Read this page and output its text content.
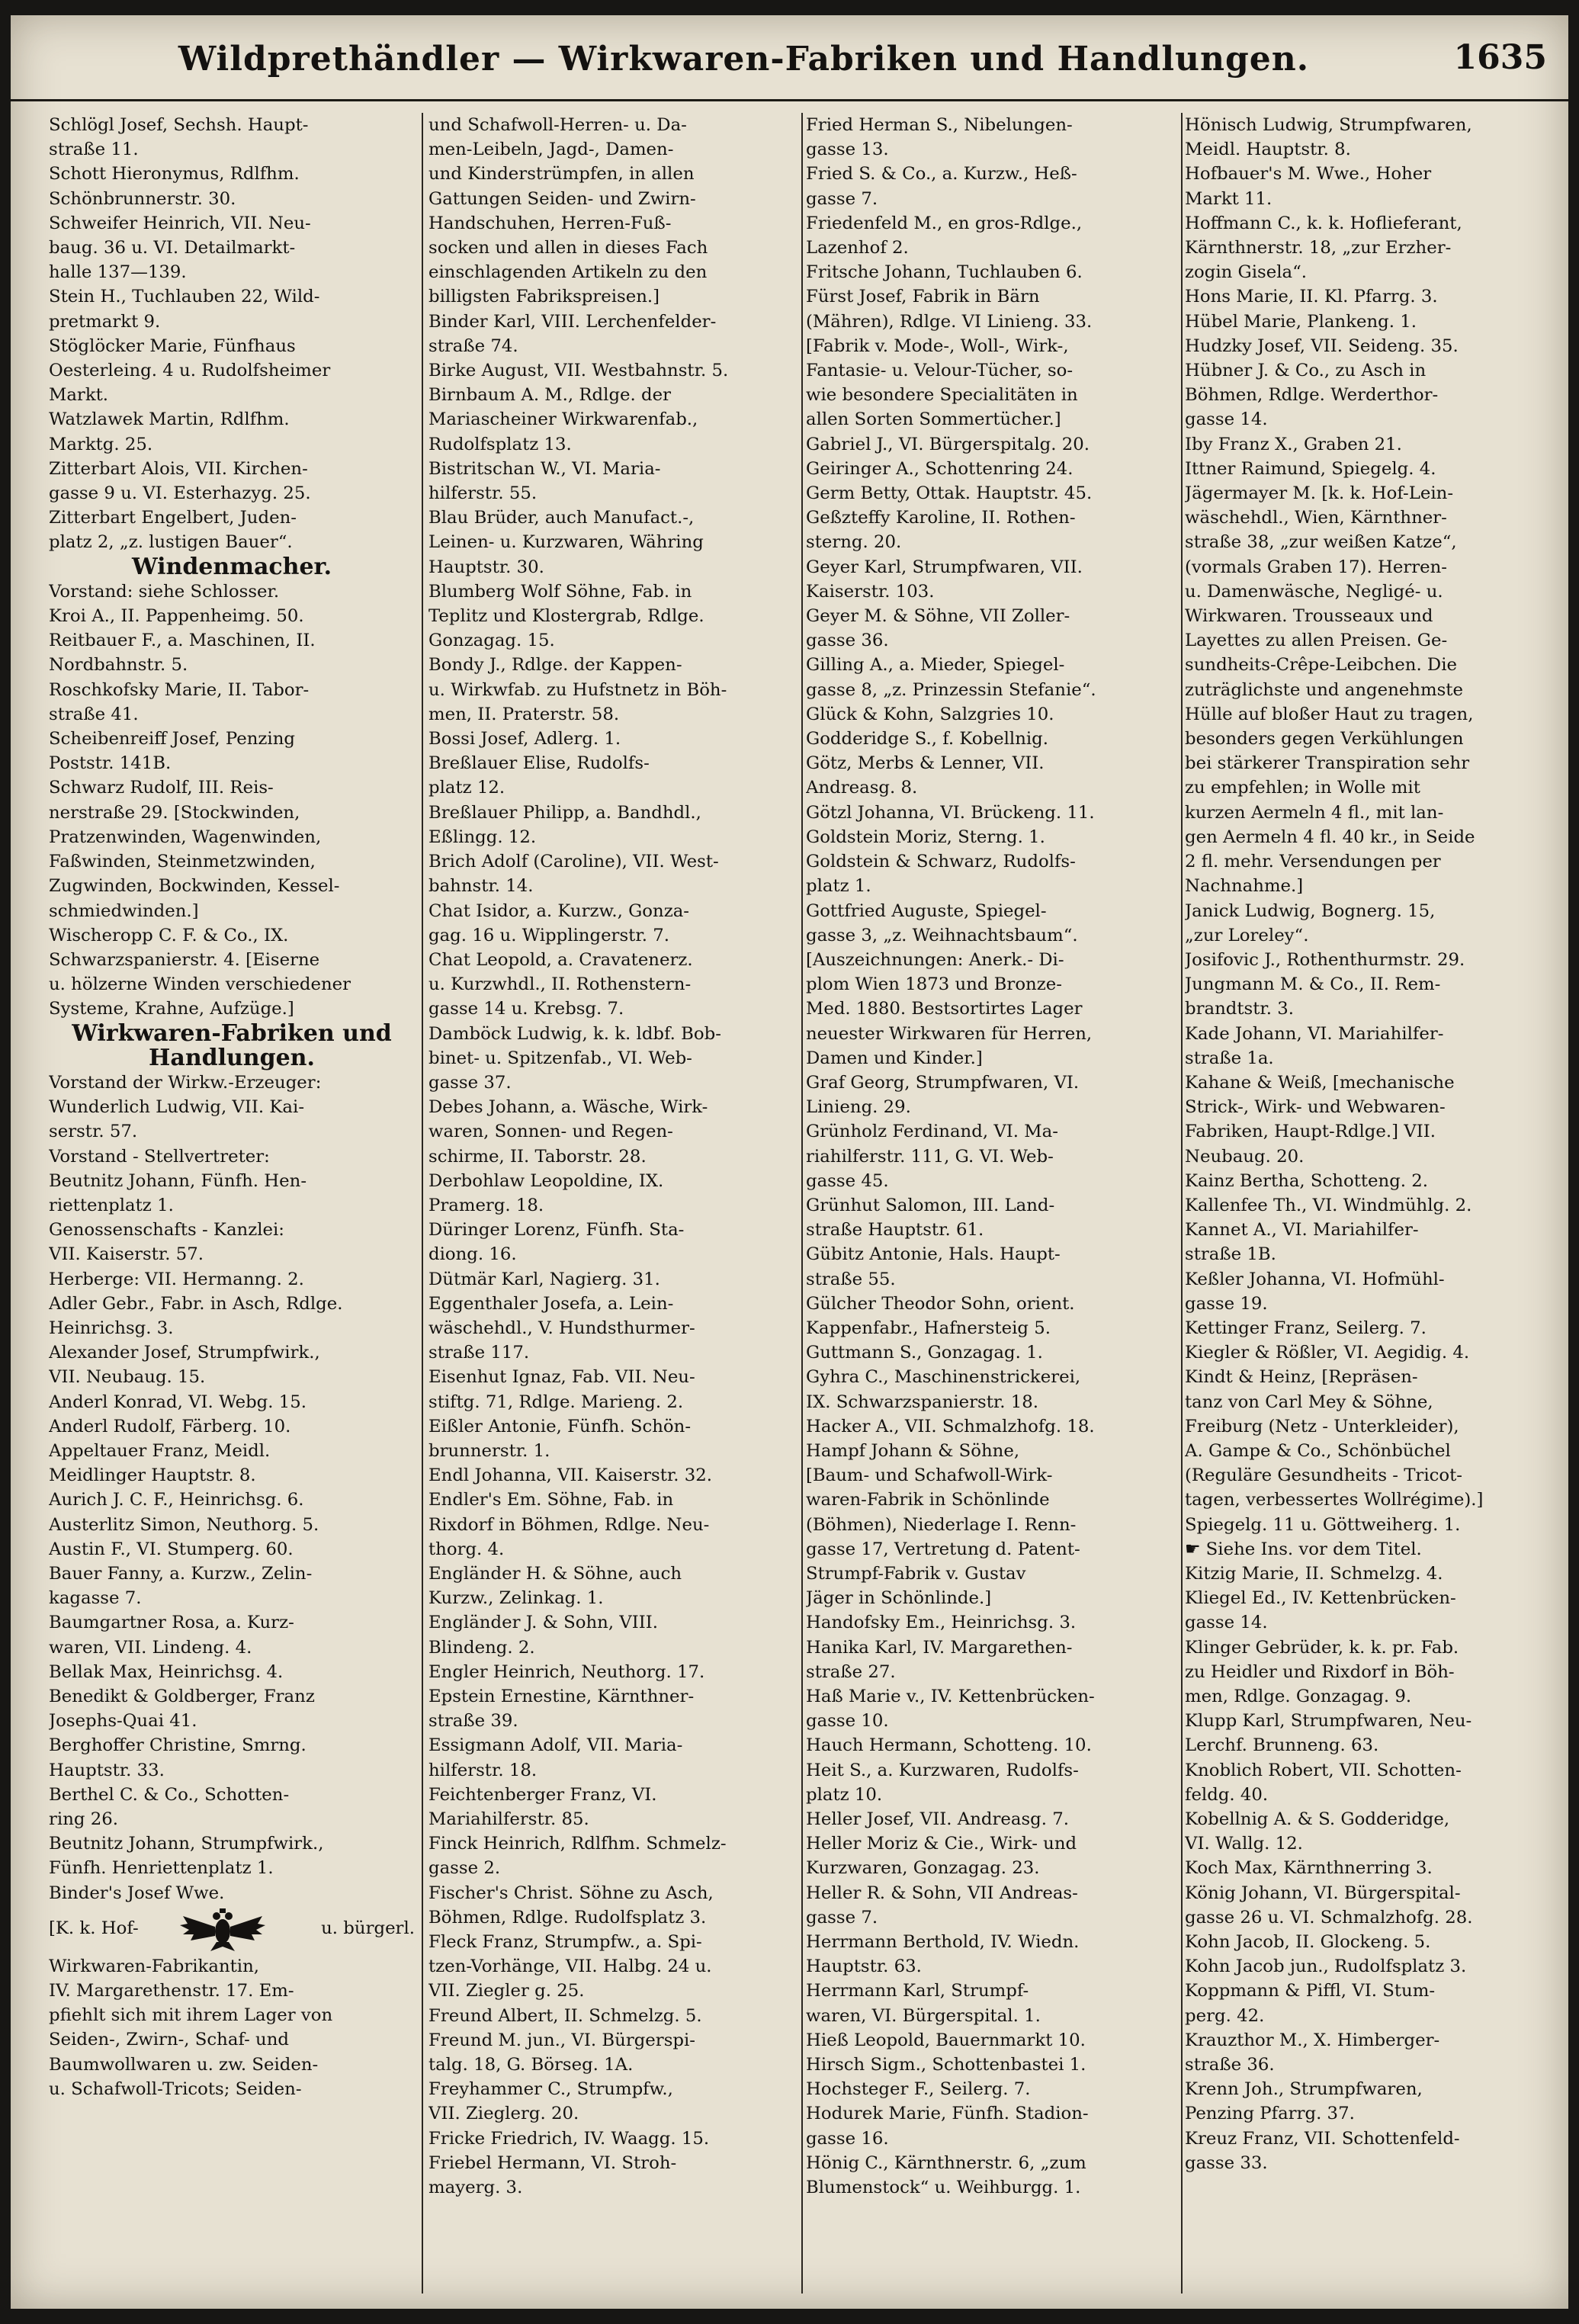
Wildprethändler — Wirkwaren-Fabriken und Handlungen.	1635
Schlögl Josef, Sechsh. Haupt-
straße 11.
Schott Hieronymus, Rdlfhm.
Schönbrunnerstr. 30.
Schweifer Heinrich, VII. Neu-
baug. 36 u. VI. Detailmarkt-
halle 137—139.
Stein H., Tuchlauben 22, Wild-
pretmarkt 9.
Stöglöcker Marie, Fünfhaus
Oesterleing. 4 u. Rudolfsheimer
Markt.
Watzlawek Martin, Rdlfhm.
Marktg. 25.
Zitterbart Alois, VII. Kirchen-
gasse 9 u. VI. Esterhazyg. 25.
Zitterbart Engelbert, Juden-
platz 2, „z. lustigen Bauer“.
Windenmacher.
Vorstand: siehe Schlosser.
Kroi A., II. Pappenheimg. 50.
Reitbauer F., a. Maschinen, II.
Nordbahnstr. 5.
Roschkofsky Marie, II. Tabor-
straße 41.
Scheibenreiff Josef, Penzing
Poststr. 141B.
Schwarz Rudolf, III. Reis-
nerstraße 29. [Stockwinden,
Pratzenwinden, Wagenwinden,
Faßwinden, Steinmetzwinden,
Zugwinden, Bockwinden, Kessel-
schmiedwinden.]
Wischeropp C. F. & Co., IX.
Schwarzspanierstr. 4. [Eiserne
u. hölzerne Winden verschiedener
Systeme, Krahne, Aufzüge.]
Wirkwaren-Fabriken und
Handlungen.
Vorstand der Wirkw.-Erzeuger:
Wunderlich Ludwig, VII. Kai-
serstr. 57.
Vorstand - Stellvertreter:
Beutnitz Johann, Fünfh. Hen-
riettenplatz 1.
Genossenschafts - Kanzlei:
VII. Kaiserstr. 57.
Herberge: VII. Hermanng. 2.
Adler Gebr., Fabr. in Asch, Rdlge.
Heinrichsg. 3.
Alexander Josef, Strumpfwirk.,
VII. Neubaug. 15.
Anderl Konrad, VI. Webg. 15.
Anderl Rudolf, Färberg. 10.
Appeltauer Franz, Meidl.
Meidlinger Hauptstr. 8.
Aurich J. C. F., Heinrichsg. 6.
Austerlitz Simon, Neuthorg. 5.
Austin F., VI. Stumperg. 60.
Bauer Fanny, a. Kurzw., Zelin-
kagasse 7.
Baumgartner Rosa, a. Kurz-
waren, VII. Lindeng. 4.
Bellak Max, Heinrichsg. 4.
Benedikt & Goldberger, Franz
Josephs-Quai 41.
Berghoffer Christine, Smrng.
Hauptstr. 33.
Berthel C. & Co., Schotten-
ring 26.
Beutnitz Johann, Strumpfwirk.,
Fünfh. Henriettenplatz 1.
Binder's Josef Wwe.
[K. k. Hof-	u. bürgerl.
Wirkwaren-Fabrikantin,
IV. Margarethenstr. 17. Em-
pfiehlt sich mit ihrem Lager von
Seiden-, Zwirn-, Schaf- und
Baumwollwaren u. zw. Seiden-
u. Schafwoll-Tricots; Seiden-
und Schafwoll-Herren- u. Da-
men-Leibeln, Jagd-, Damen-
und Kinderstrümpfen, in allen
Gattungen Seiden- und Zwirn-
Handschuhen, Herren-Fuß-
socken und allen in dieses Fach
einschlagenden Artikeln zu den
billigsten Fabrikspreisen.]
Binder Karl, VIII. Lerchenfelder-
straße 74.
Birke August, VII. Westbahnstr. 5.
Birnbaum A. M., Rdlge. der
Mariascheiner Wirkwarenfab.,
Rudolfsplatz 13.
Bistritschan W., VI. Maria-
hilferstr. 55.
Blau Brüder, auch Manufact.-,
Leinen- u. Kurzwaren, Währing
Hauptstr. 30.
Blumberg Wolf Söhne, Fab. in
Teplitz und Klostergrab, Rdlge.
Gonzagag. 15.
Bondy J., Rdlge. der Kappen-
u. Wirkwfab. zu Hufstnetz in Böh-
men, II. Praterstr. 58.
Bossi Josef, Adlerg. 1.
Breßlauer Elise, Rudolfs-
platz 12.
Breßlauer Philipp, a. Bandhdl.,
Eßlingg. 12.
Brich Adolf (Caroline), VII. West-
bahnstr. 14.
Chat Isidor, a. Kurzw., Gonza-
gag. 16 u. Wipplingerstr. 7.
Chat Leopold, a. Cravatenerz.
u. Kurzwhdl., II. Rothenstern-
gasse 14 u. Krebsg. 7.
Damböck Ludwig, k. k. ldbf. Bob-
binet- u. Spitzenfab., VI. Web-
gasse 37.
Debes Johann, a. Wäsche, Wirk-
waren, Sonnen- und Regen-
schirme, II. Taborstr. 28.
Derbohlaw Leopoldine, IX.
Pramerg. 18.
Düringer Lorenz, Fünfh. Sta-
diong. 16.
Dütmär Karl, Nagierg. 31.
Eggenthaler Josefa, a. Lein-
wäschehdl., V. Hundsthurmer-
straße 117.
Eisenhut Ignaz, Fab. VII. Neu-
stiftg. 71, Rdlge. Marieng. 2.
Eißler Antonie, Fünfh. Schön-
brunnerstr. 1.
Endl Johanna, VII. Kaiserstr. 32.
Endler's Em. Söhne, Fab. in
Rixdorf in Böhmen, Rdlge. Neu-
thorg. 4.
Engländer H. & Söhne, auch
Kurzw., Zelinkag. 1.
Engländer J. & Sohn, VIII.
Blindeng. 2.
Engler Heinrich, Neuthorg. 17.
Epstein Ernestine, Kärnthner-
straße 39.
Essigmann Adolf, VII. Maria-
hilferstr. 18.
Feichtenberger Franz, VI.
Mariahilferstr. 85.
Finck Heinrich, Rdlfhm. Schmelz-
gasse 2.
Fischer's Christ. Söhne zu Asch,
Böhmen, Rdlge. Rudolfsplatz 3.
Fleck Franz, Strumpfw., a. Spi-
tzen-Vorhänge, VII. Halbg. 24 u.
VII. Ziegler g. 25.
Freund Albert, II. Schmelzg. 5.
Freund M. jun., VI. Bürgerspi-
talg. 18, G. Börseg. 1A.
Freyhammer C., Strumpfw.,
VII. Zieglerg. 20.
Fricke Friedrich, IV. Waagg. 15.
Friebel Hermann, VI. Stroh-
mayerg. 3.
Fried Herman S., Nibelungen-
gasse 13.
Fried S. & Co., a. Kurzw., Heß-
gasse 7.
Friedenfeld M., en gros-Rdlge.,
Lazenhof 2.
Fritsche Johann, Tuchlauben 6.
Fürst Josef, Fabrik in Bärn
(Mähren), Rdlge. VI Linieng. 33.
[Fabrik v. Mode-, Woll-, Wirk-,
Fantasie- u. Velour-Tücher, so-
wie besondere Specialitäten in
allen Sorten Sommertücher.]
Gabriel J., VI. Bürgerspitalg. 20.
Geiringer A., Schottenring 24.
Germ Betty, Ottak. Hauptstr. 45.
Geßzteffy Karoline, II. Rothen-
sterng. 20.
Geyer Karl, Strumpfwaren, VII.
Kaiserstr. 103.
Geyer M. & Söhne, VII Zoller-
gasse 36.
Gilling A., a. Mieder, Spiegel-
gasse 8, „z. Prinzessin Stefanie“.
Glück & Kohn, Salzgries 10.
Godderidge S., f. Kobellnig.
Götz, Merbs & Lenner, VII.
Andreasg. 8.
Götzl Johanna, VI. Brückeng. 11.
Goldstein Moriz, Sterng. 1.
Goldstein & Schwarz, Rudolfs-
platz 1.
Gottfried Auguste, Spiegel-
gasse 3, „z. Weihnachtsbaum“.
[Auszeichnungen: Anerk.- Di-
plom Wien 1873 und Bronze-
Med. 1880. Bestsortirtes Lager
neuester Wirkwaren für Herren,
Damen und Kinder.]
Graf Georg, Strumpfwaren, VI.
Linieng. 29.
Grünholz Ferdinand, VI. Ma-
riahilferstr. 111, G. VI. Web-
gasse 45.
Grünhut Salomon, III. Land-
straße Hauptstr. 61.
Gübitz Antonie, Hals. Haupt-
straße 55.
Gülcher Theodor Sohn, orient.
Kappenfabr., Hafnersteig 5.
Guttmann S., Gonzagag. 1.
Gyhra C., Maschinenstrickerei,
IX. Schwarzspanierstr. 18.
Hacker A., VII. Schmalzhofg. 18.
Hampf Johann & Söhne,
[Baum- und Schafwoll-Wirk-
waren-Fabrik in Schönlinde
(Böhmen), Niederlage I. Renn-
gasse 17, Vertretung d. Patent-
Strumpf-Fabrik v. Gustav
Jäger in Schönlinde.]
Handofsky Em., Heinrichsg. 3.
Hanika Karl, IV. Margarethen-
straße 27.
Haß Marie v., IV. Kettenbrücken-
gasse 10.
Hauch Hermann, Schotteng. 10.
Heit S., a. Kurzwaren, Rudolfs-
platz 10.
Heller Josef, VII. Andreasg. 7.
Heller Moriz & Cie., Wirk- und
Kurzwaren, Gonzagag. 23.
Heller R. & Sohn, VII Andreas-
gasse 7.
Herrmann Berthold, IV. Wiedn.
Hauptstr. 63.
Herrmann Karl, Strumpf-
waren, VI. Bürgerspital. 1.
Hieß Leopold, Bauernmarkt 10.
Hirsch Sigm., Schottenbastei 1.
Hochsteger F., Seilerg. 7.
Hodurek Marie, Fünfh. Stadion-
gasse 16.
Hönig C., Kärnthnerstr. 6, „zum
Blumenstock“ u. Weihburgg. 1.
Hönisch Ludwig, Strumpfwaren,
Meidl. Hauptstr. 8.
Hofbauer's M. Wwe., Hoher
Markt 11.
Hoffmann C., k. k. Hoflieferant,
Kärnthnerstr. 18, „zur Erzher-
zogin Gisela“.
Hons Marie, II. Kl. Pfarrg. 3.
Hübel Marie, Plankeng. 1.
Hudzky Josef, VII. Seideng. 35.
Hübner J. & Co., zu Asch in
Böhmen, Rdlge. Werderthor-
gasse 14.
Iby Franz X., Graben 21.
Ittner Raimund, Spiegelg. 4.
Jägermayer M. [k. k. Hof-Lein-
wäschehdl., Wien, Kärnthner-
straße 38, „zur weißen Katze“,
(vormals Graben 17). Herren-
u. Damenwäsche, Negligé- u.
Wirkwaren. Trousseaux und
Layettes zu allen Preisen. Ge-
sundheits-Crêpe-Leibchen. Die
zuträglichste und angenehmste
Hülle auf bloßer Haut zu tragen,
besonders gegen Verkühlungen
bei stärkerer Transpiration sehr
zu empfehlen; in Wolle mit
kurzen Aermeln 4 fl., mit lan-
gen Aermeln 4 fl. 40 kr., in Seide
2 fl. mehr. Versendungen per
Nachnahme.]
Janick Ludwig, Bognerg. 15,
„zur Loreley“.
Josifovic J., Rothenthurmstr. 29.
Jungmann M. & Co., II. Rem-
brandtstr. 3.
Kade Johann, VI. Mariahilfer-
straße 1a.
Kahane & Weiß, [mechanische
Strick-, Wirk- und Webwaren-
Fabriken, Haupt-Rdlge.] VII.
Neubaug. 20.
Kainz Bertha, Schotteng. 2.
Kallenfee Th., VI. Windmühlg. 2.
Kannet A., VI. Mariahilfer-
straße 1B.
Keßler Johanna, VI. Hofmühl-
gasse 19.
Kettinger Franz, Seilerg. 7.
Kiegler & Rößler, VI. Aegidig. 4.
Kindt & Heinz, [Repräsen-
tanz von Carl Mey & Söhne,
Freiburg (Netz - Unterkleider),
A. Gampe & Co., Schönbüchel
(Reguläre Gesundheits - Tricot-
tagen, verbessertes Wollrégime).]
Spiegelg. 11 u. Göttweiherg. 1.
☛ Siehe Ins. vor dem Titel.
Kitzig Marie, II. Schmelzg. 4.
Kliegel Ed., IV. Kettenbrücken-
gasse 14.
Klinger Gebrüder, k. k. pr. Fab.
zu Heidler und Rixdorf in Böh-
men, Rdlge. Gonzagag. 9.
Klupp Karl, Strumpfwaren, Neu-
Lerchf. Brunneng. 63.
Knoblich Robert, VII. Schotten-
feldg. 40.
Kobellnig A. & S. Godderidge,
VI. Wallg. 12.
Koch Max, Kärnthnerring 3.
König Johann, VI. Bürgerspital-
gasse 26 u. VI. Schmalzhofg. 28.
Kohn Jacob, II. Glockeng. 5.
Kohn Jacob jun., Rudolfsplatz 3.
Koppmann & Piffl, VI. Stum-
perg. 42.
Krauzthor M., X. Himberger-
straße 36.
Krenn Joh., Strumpfwaren,
Penzing Pfarrg. 37.
Kreuz Franz, VII. Schottenfeld-
gasse 33.
